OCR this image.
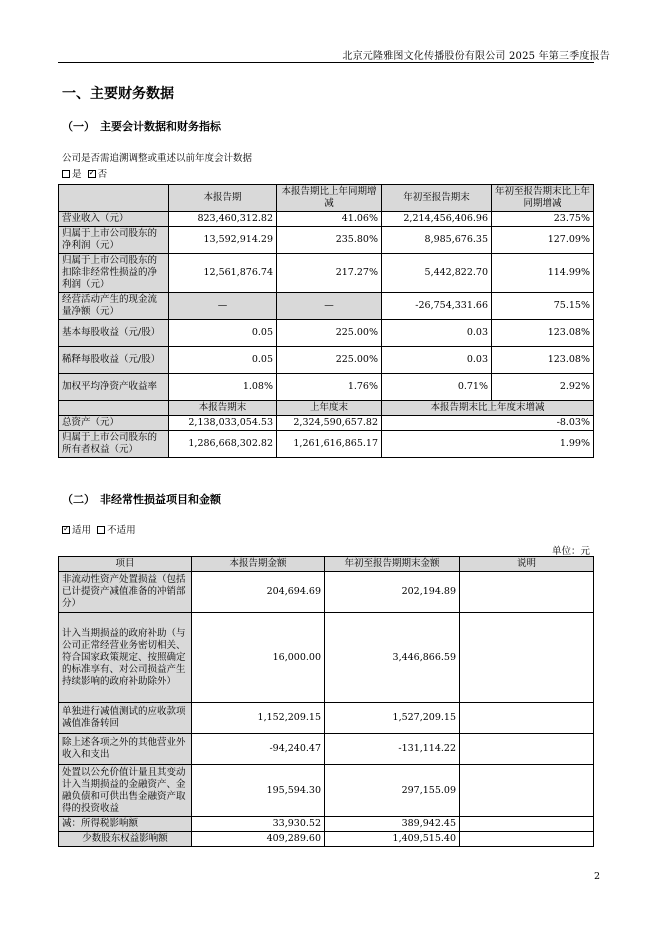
北京元隆雅图文化传播股份有限公司 2025 年第三季度报告
一、主要财务数据
（一） 主要会计数据和财务指标
公司是否需追溯调整或重述以前年度会计数据
是 ✓ 否
	本报告期	本报告期比上年同期增减	年初至报告期末	年初至报告期末比上年同期增减
营业收入（元）	823,460,312.82	41.06%	2,214,456,406.96	23.75%
归属于上市公司股东的净利润（元）	13,592,914.29	235.80%	8,985,676.35	127.09%
归属于上市公司股东的扣除非经常性损益的净利润（元）	12,561,876.74	217.27%	5,442,822.70	114.99%
经营活动产生的现金流量净额（元）	—	—	-26,754,331.66	75.15%
基本每股收益（元/股）	0.05	225.00%	0.03	123.08%
稀释每股收益（元/股）	0.05	225.00%	0.03	123.08%
加权平均净资产收益率	1.08%	1.76%	0.71%	2.92%
	本报告期末	上年度末	本报告期末比上年度末增减	
总资产（元）	2,138,033,054.53	2,324,590,657.82	-8.03%	
归属于上市公司股东的所有者权益（元）	1,286,668,302.82	1,261,616,865.17	1.99%	
（二） 非经常性损益项目和金额
✓适用 不适用
单位：元
项目	本报告期金额	年初至报告期期末金额	说明
非流动性资产处置损益（包括已计提资产减值准备的冲销部分）	204,694.69	202,194.89	
计入当期损益的政府补助（与公司正常经营业务密切相关、符合国家政策规定、按照确定的标准享有、对公司损益产生持续影响的政府补助除外）	16,000.00	3,446,866.59	
单独进行减值测试的应收款项减值准备转回	1,152,209.15	1,527,209.15	
除上述各项之外的其他营业外收入和支出	-94,240.47	-131,114.22	
处置以公允价值计量且其变动计入当期损益的金融资产、金融负债和可供出售金融资产取得的投资收益	195,594.30	297,155.09	
减：所得税影响额	33,930.52	389,942.45	
少数股东权益影响额	409,289.60	1,409,515.40	
2
